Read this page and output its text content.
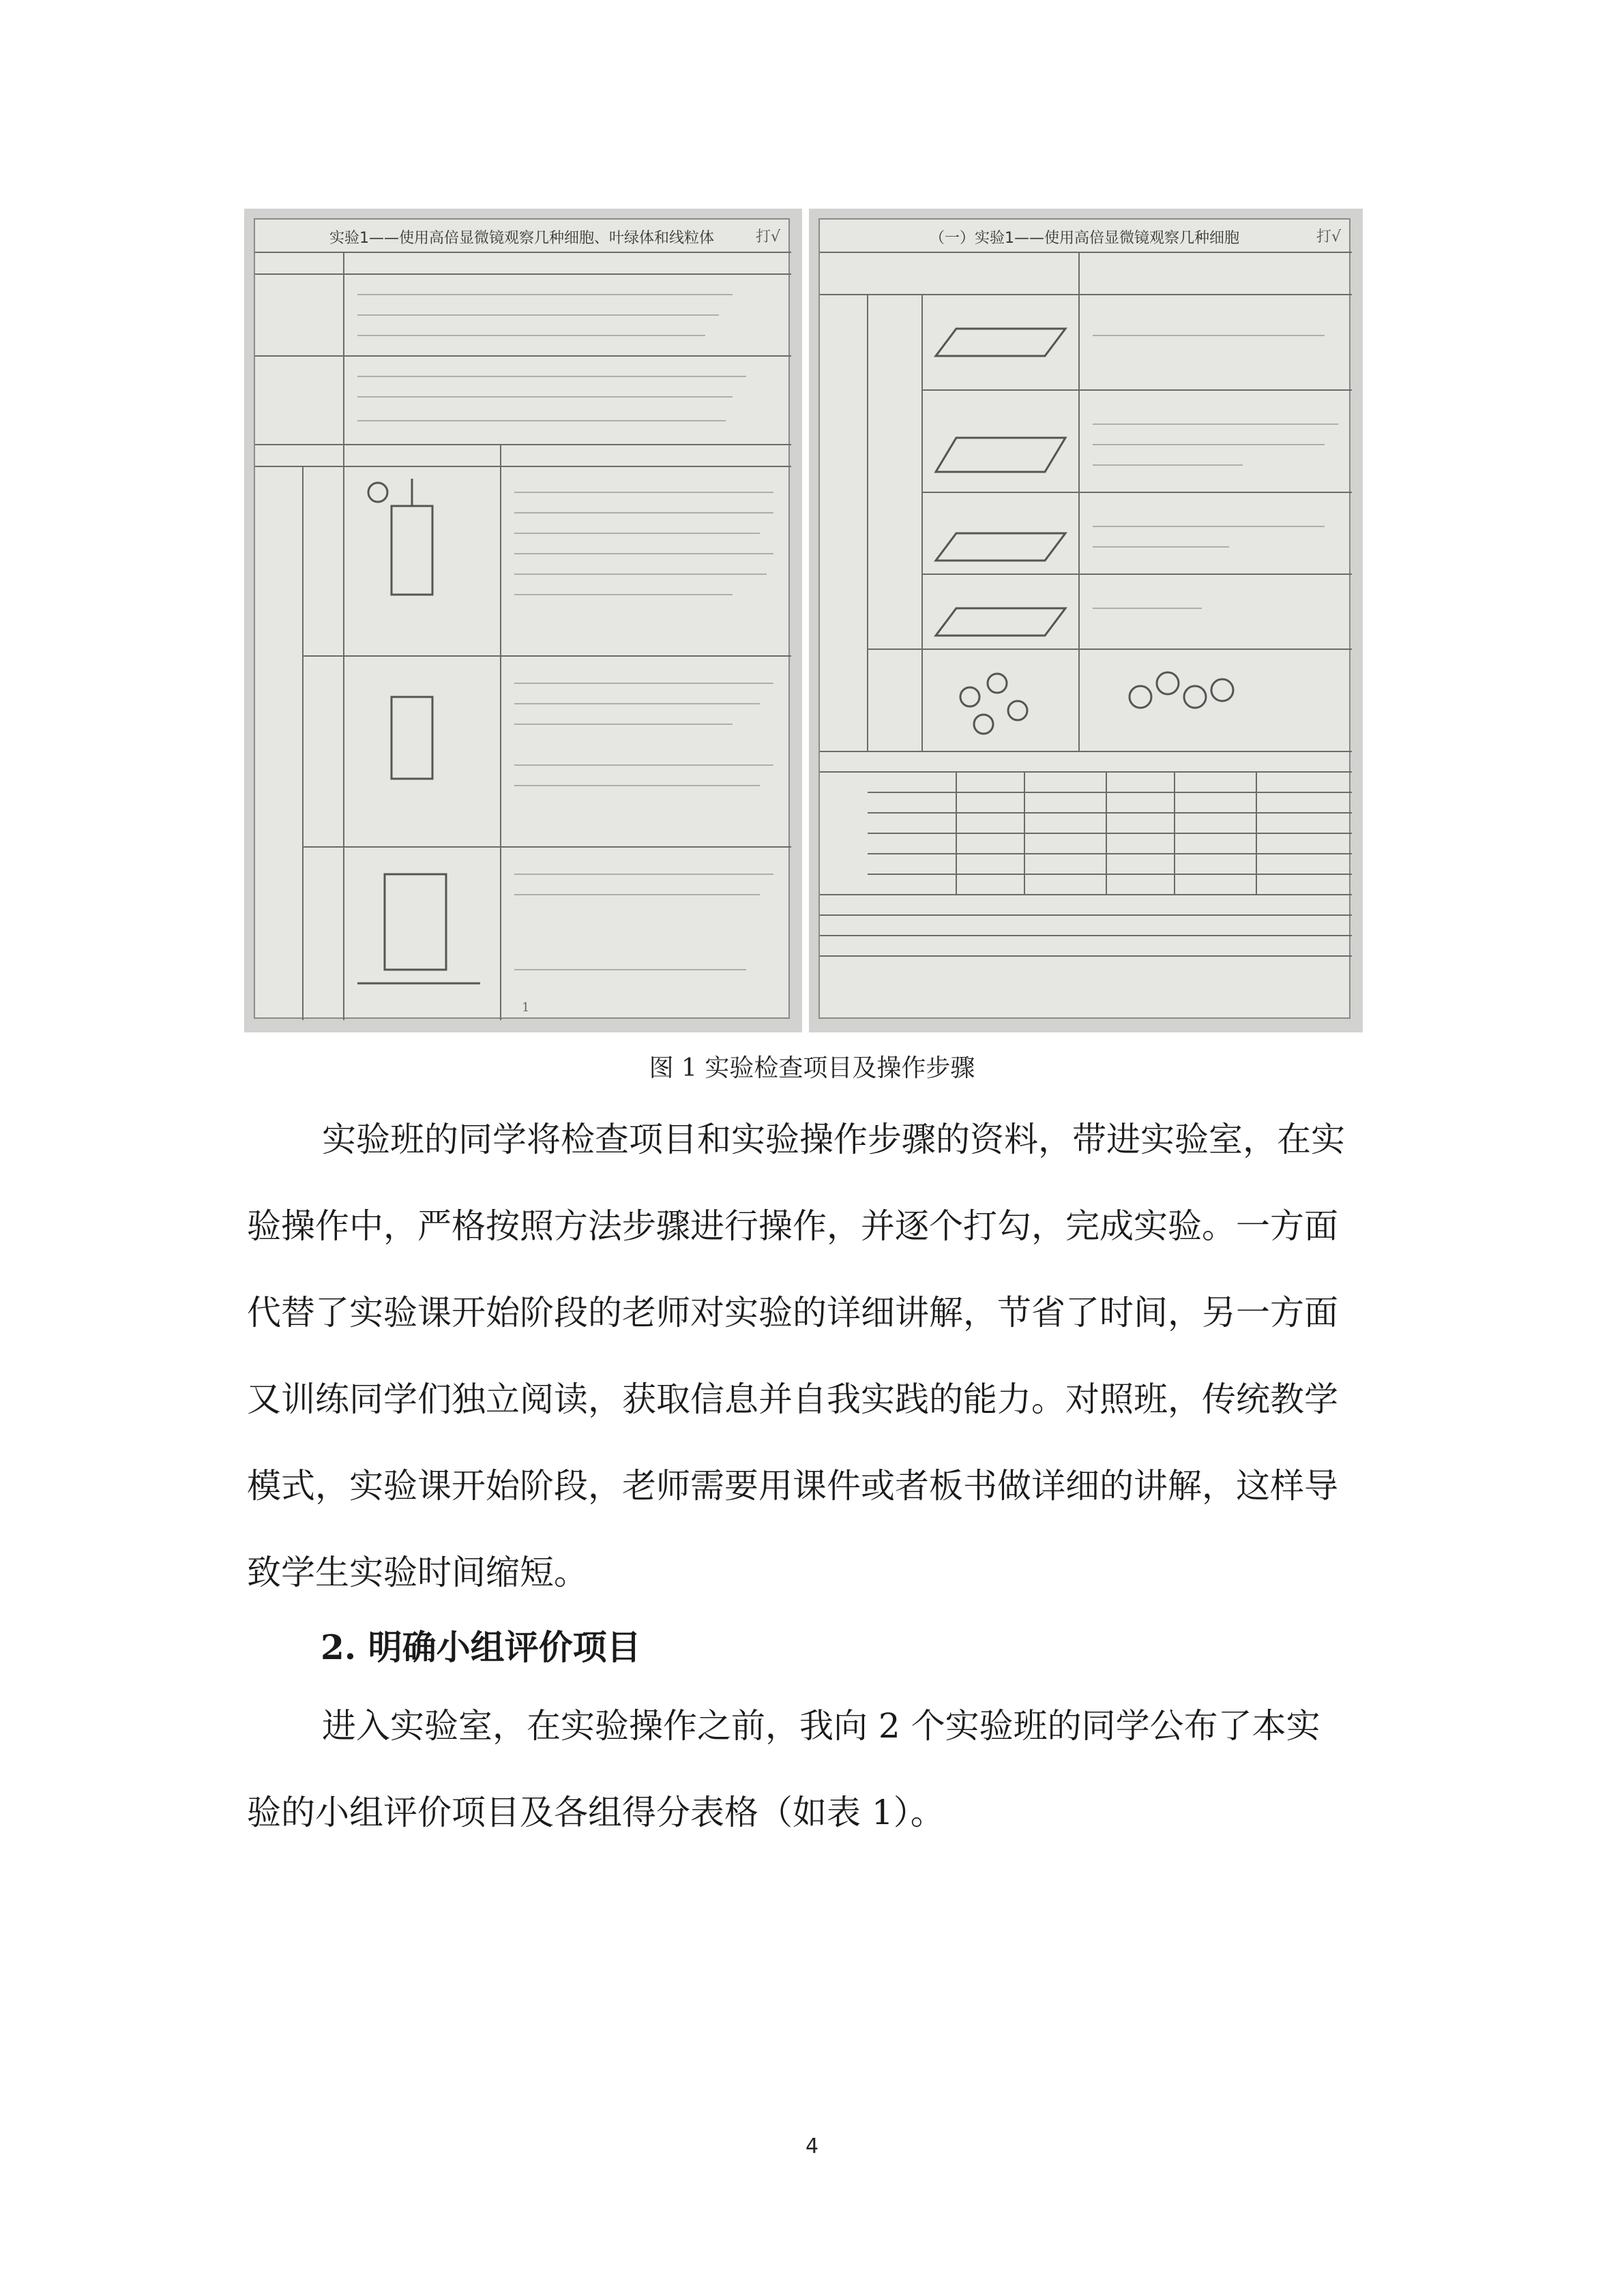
实验1——使用高倍显微镜观察几种细胞、叶绿体和线粒体	打√
1
（一）实验1——使用高倍显微镜观察几种细胞	打√
图 1 实验检查项目及操作步骤

实验班的同学将检查项目和实验操作步骤的资料，带进实验室，在实验操作中，严格按照方法步骤进行操作，并逐个打勾，完成实验。一方面代替了实验课开始阶段的老师对实验的详细讲解，节省了时间，另一方面又训练同学们独立阅读，获取信息并自我实践的能力。对照班，传统教学模式，实验课开始阶段，老师需要用课件或者板书做详细的讲解，这样导致学生实验时间缩短。

2. 明确小组评价项目

进入实验室，在实验操作之前，我向 2 个实验班的同学公布了本实验的小组评价项目及各组得分表格（如表 1）。

4
